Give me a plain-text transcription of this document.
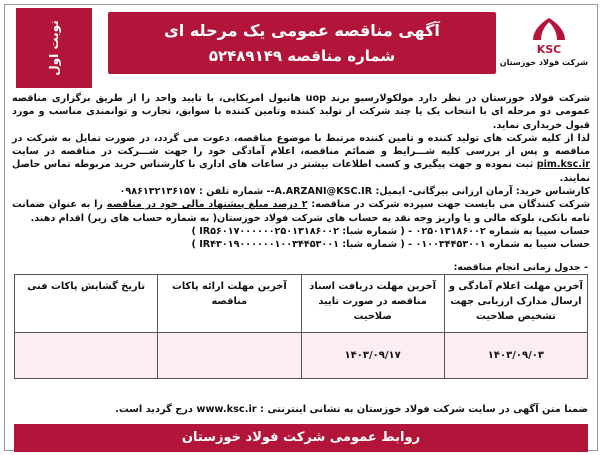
KSC
شرکت فولاد خوزستان
آگهی مناقصه عمومی یک مرحله ای
شماره مناقصه ۵۲۴۸۹۱۴۹
نوبت اول

شرکت فولاد خوزستان در نظر دارد مولکولارسیو برند uop هانیول امریکایی، با تایید واحد را از طریق برگزاری مناقصه عمومی دو مرحله ای با انتخاب یک یا چند شرکت از تولید کننده وتامین کننده با سوابق، تجارب و توانمندی مناسب و مورد قبول خریداری نماید.

لذا از کلیه شرکت های تولید کننده و تامین کننده مرتبط با موضوع مناقصه، دعوت می گردد، در صورت تمایل به شرکت در مناقصه و پس از بررسی کلیه شـــرایط و ضمائم مناقصه، اعلام آمادگی خود را جهت شـــرکت در مناقصه در سایت pim.ksc.ir ثبت نموده و جهت پیگیری و کسب اطلاعات بیشتر در ساعات های اداری با کارشناس خرید مربوطه تماس حاصل نمایند.

کارشناس خرید: آرمان ارزانی بیرگانی- ایمیل: A.ARZANI@KSC.IR-- شماره تلفن : ۰۹۸۶۱۳۲۱۳۶۱۵۷

شرکت کنندگان می بایست جهت سپرده شرکت در مناقصه: ۲ درصد مبلغ پیشنهاد مالی خود در مناقصه را به عنوان ضمانت نامه بانکی، بلوکه مالی و یا واریز وجه نقد به حساب های شرکت فولاد خوزستان( به شماره حساب های زیر) اقدام دهند.

حساب سپیا به شماره ۰۲۵۰۱۳۱۸۶۰۰۲ - ( شماره شبا: IR۵۶۰۱۷۰۰۰۰۰۰۲۵۰۱۳۱۸۶۰۰۲ )

حساب سیبا به شماره ۰۱۰۰۳۴۴۵۳۰۰۱ - ( شماره شبا: IR۴۳۰۱۹۰۰۰۰۰۰۱۰۰۳۴۴۵۳۰۰۱ )

- جدول زمانی انجام مناقصه:
آخرین مهلت اعلام آمادگی و ارسال مدارک ارزیابی جهت تشخیص صلاحیت	آخرین مهلت دریافت اسناد مناقصه در صورت تایید صلاحیت	آخرین مهلت ارائه پاکات مناقصه	تاریخ گشایش پاکات فنی
۱۴۰۳/۰۹/۰۳	۱۴۰۳/۰۹/۱۷		
ضمنا متن آگهی در سایت شرکت فولاد خوزستان به نشانی اینترنتی : www.ksc.ir درج گردید است.
روابط عمومی شرکت فولاد خوزستان
